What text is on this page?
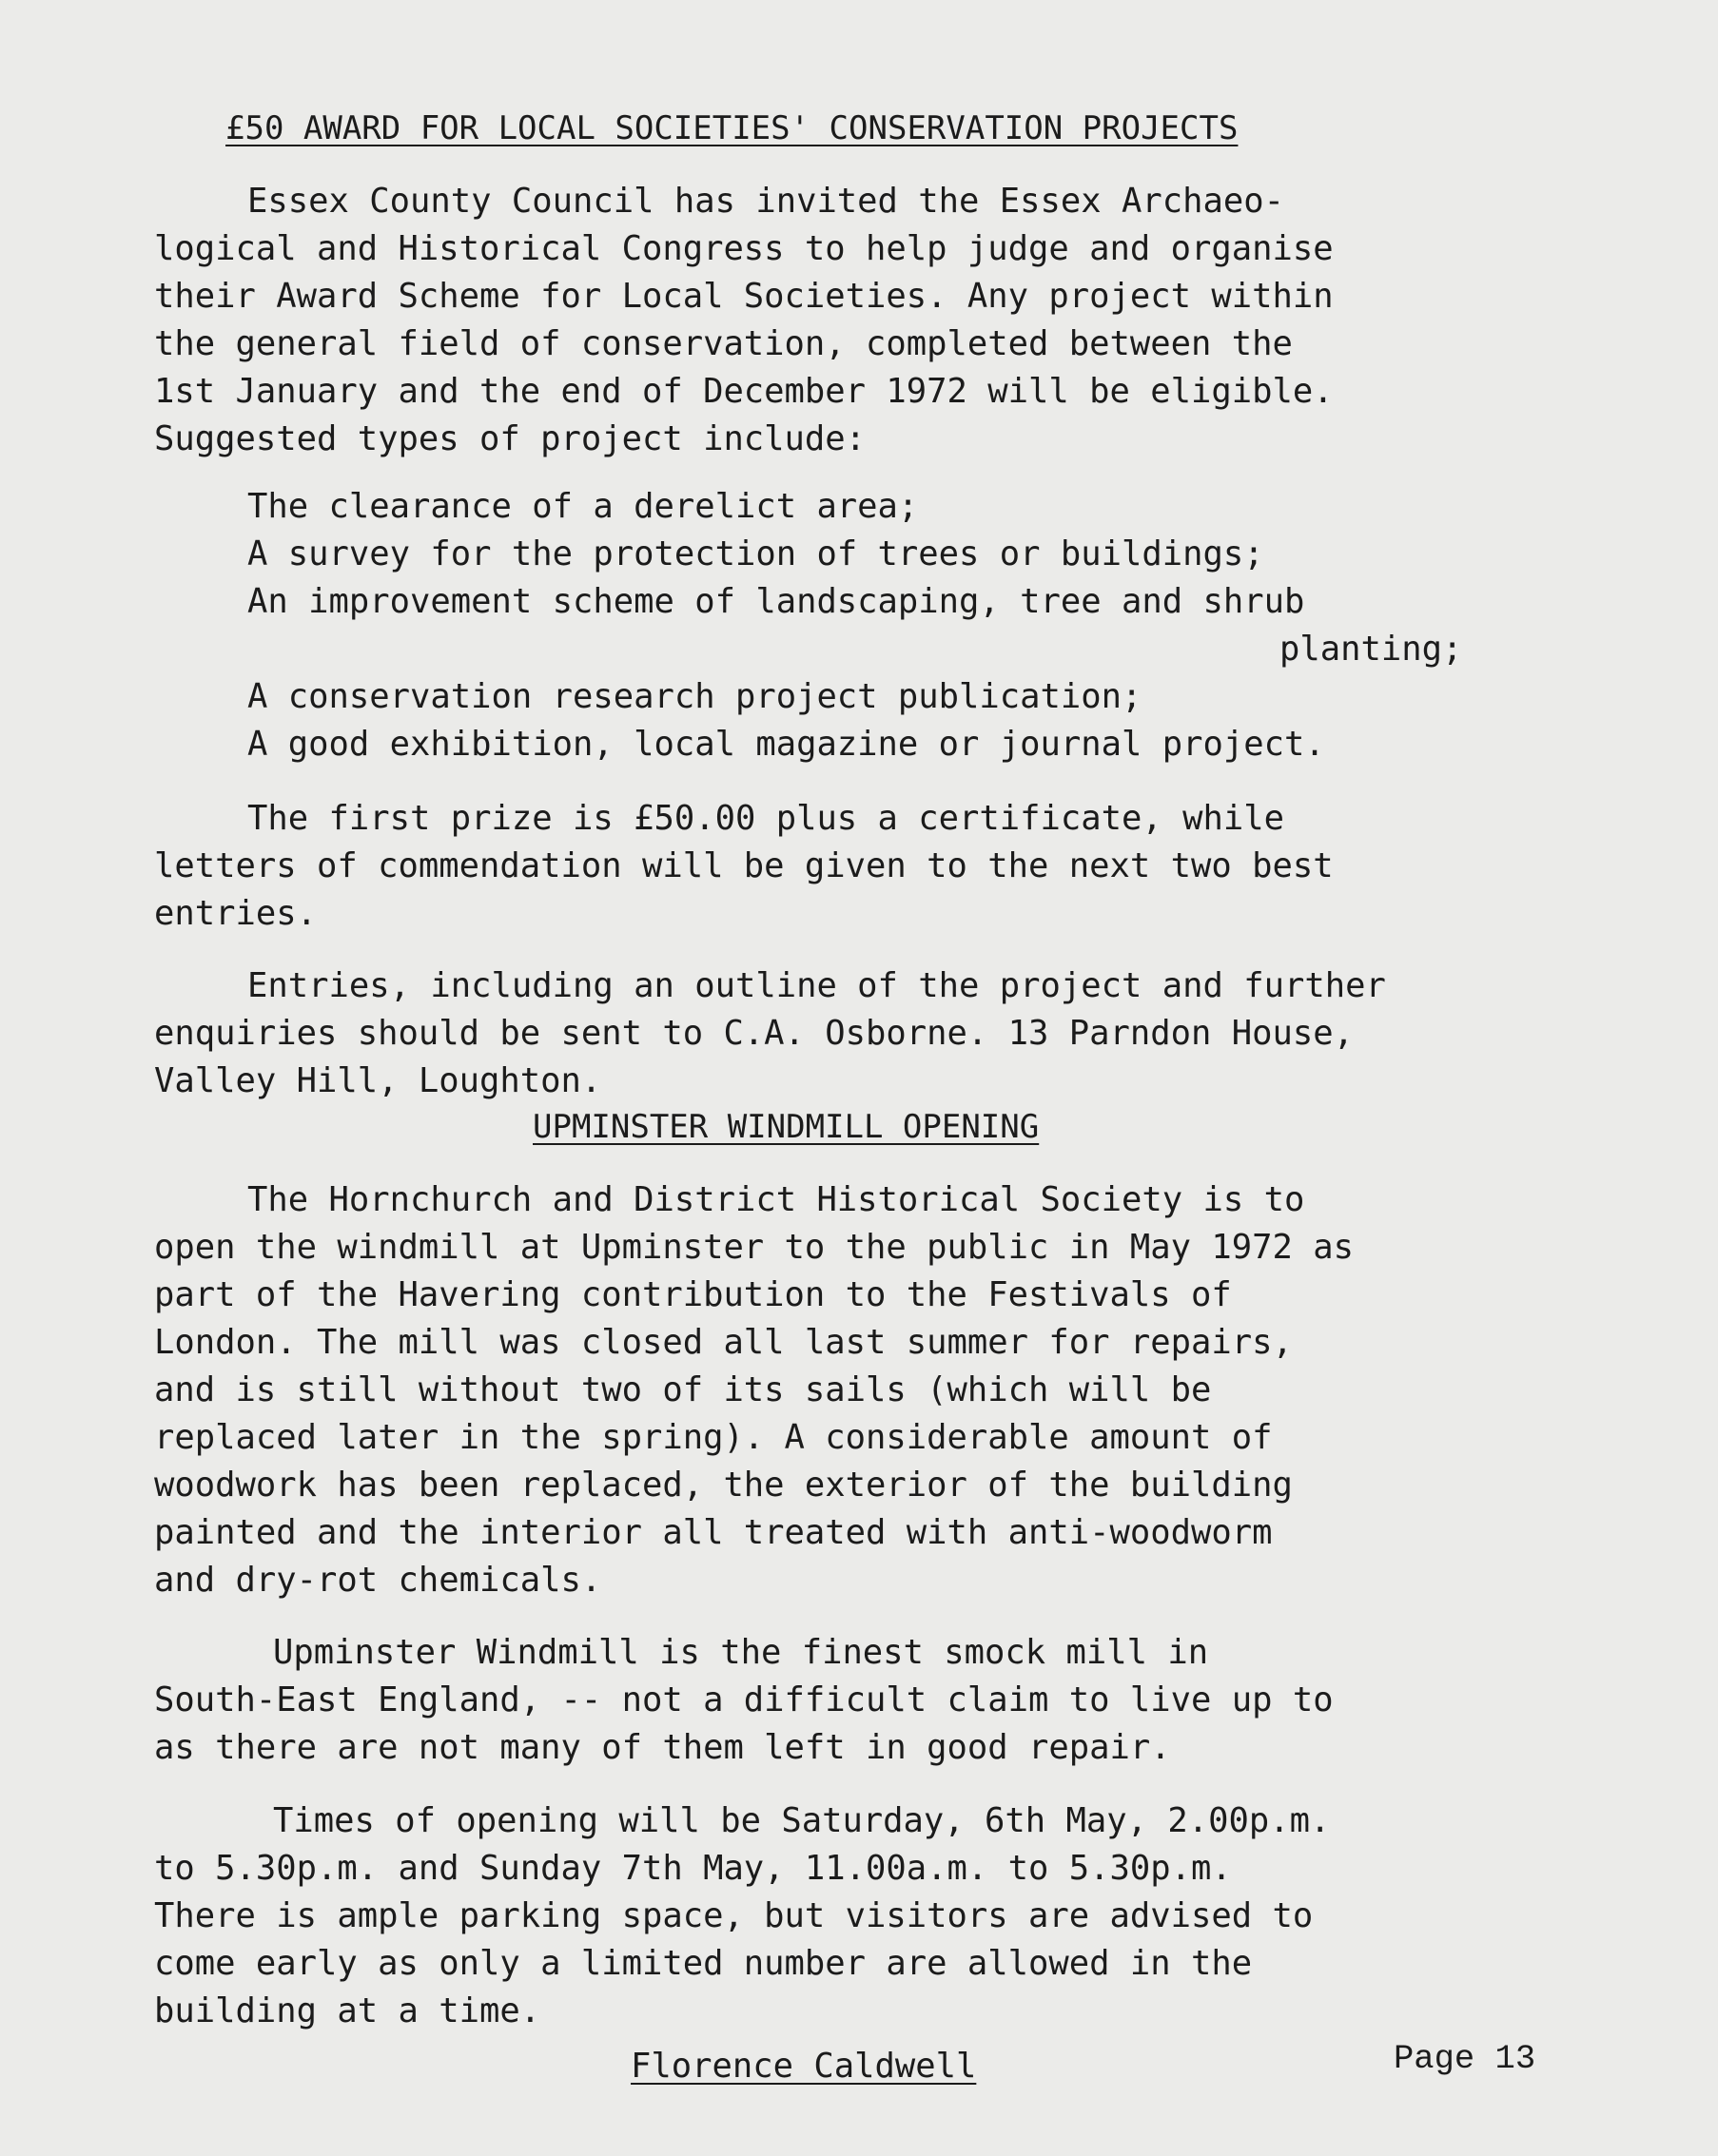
£50 AWARD FOR LOCAL SOCIETIES' CONSERVATION PROJECTS

Essex County Council has invited the Essex Archaeo-

logical and Historical Congress to help judge and organise

their Award Scheme for Local Societies. Any project within

the general field of conservation, completed between the

1st January and the end of December 1972 will be eligible.

Suggested types of project include:

The clearance of a derelict area;

A survey for the protection of trees or buildings;

An improvement scheme of landscaping, tree and shrub

planting;

A conservation research project publication;

A good exhibition, local magazine or journal project.

The first prize is £50.00 plus a certificate, while

letters of commendation will be given to the next two best

entries.

Entries, including an outline of the project and further

enquiries should be sent to C.A. Osborne. 13 Parndon House,

Valley Hill, Loughton.

UPMINSTER WINDMILL OPENING

The Hornchurch and District Historical Society is to

open the windmill at Upminster to the public in May 1972 as

part of the Havering contribution to the Festivals of

London. The mill was closed all last summer for repairs,

and is still without two of its sails (which will be

replaced later in the spring). A considerable amount of

woodwork has been replaced, the exterior of the building

painted and the interior all treated with anti-woodworm

and dry-rot chemicals.

Upminster Windmill is the finest smock mill in

South-East England, -- not a difficult claim to live up to

as there are not many of them left in good repair.

Times of opening will be Saturday, 6th May, 2.00p.m.

to 5.30p.m. and Sunday 7th May, 11.00a.m. to 5.30p.m.

There is ample parking space, but visitors are advised to

come early as only a limited number are allowed in the

building at a time.

Florence Caldwell	Page 13
